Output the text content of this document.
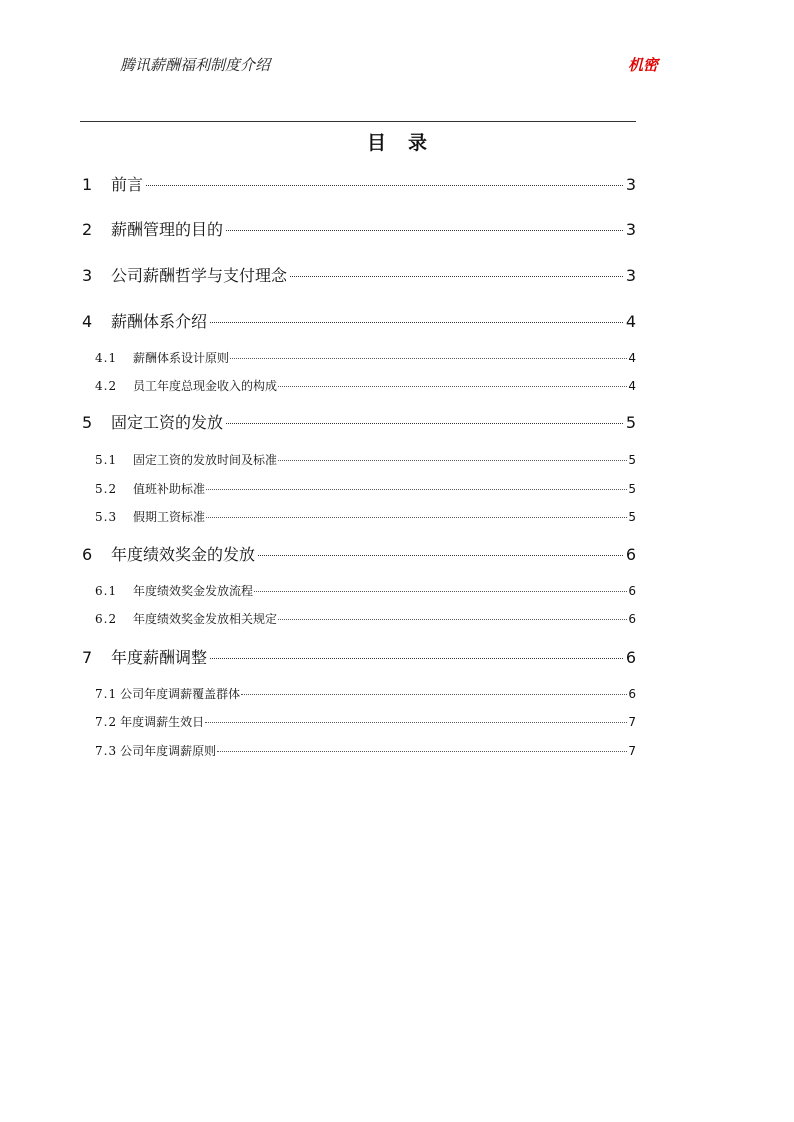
腾讯薪酬福利制度介绍	机密
目录
1	前言	3
2	薪酬管理的目的	3
3	公司薪酬哲学与支付理念	3
4	薪酬体系介绍	4
4.1	薪酬体系设计原则	4
4.2	员工年度总现金收入的构成	4
5	固定工资的发放	5
5.1	固定工资的发放时间及标准	5
5.2	值班补助标准	5
5.3	假期工资标准	5
6	年度绩效奖金的发放	6
6.1	年度绩效奖金发放流程	6
6.2	年度绩效奖金发放相关规定	6
7	年度薪酬调整	6
7.1 公司年度调薪覆盖群体	6
7.2 年度调薪生效日	7
7.3 公司年度调薪原则	7
